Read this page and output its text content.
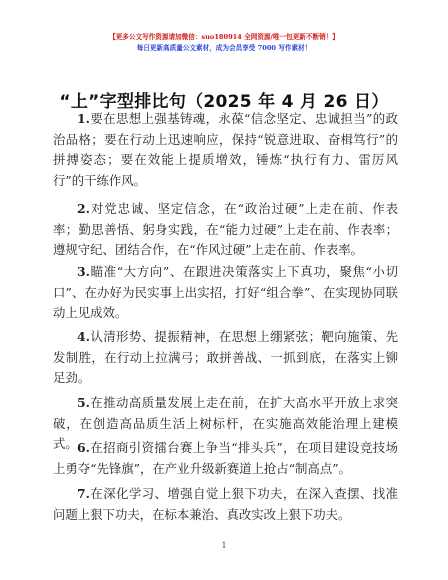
【更多公文写作资源请加微信：suo180914 全网资源/唯一包更新不断销！】
每日更新高质量公文素材，成为会员享受 7000 写作素材！
“上”字型排比句（2025 年 4 月 26 日）
1.要在思想上强基铸魂，永葆“信念坚定、忠诚担当”的政治品格；要在行动上迅速响应，保持“锐意进取、奋楫笃行”的拼搏姿态；要在效能上提质增效，锤炼“执行有力、雷厉风行”的干练作风。
2.对党忠诚、坚定信念，在“政治过硬”上走在前、作表率；勤思善悟、躬身实践，在“能力过硬”上走在前、作表率；遵规守纪、团结合作，在“作风过硬”上走在前、作表率。
3.瞄准“大方向”、在跟进决策落实上下真功，聚焦“小切口”、在办好为民实事上出实招，打好“组合拳”、在实现协同联动上见成效。
4.认清形势、提振精神，在思想上绷紧弦；靶向施策、先发制胜，在行动上拉满弓；敢拼善战、一抓到底，在落实上铆足劲。
5.在推动高质量发展上走在前，在扩大高水平开放上求突破，在创造高品质生活上树标杆，在实施高效能治理上建模式。 6.在招商引资擂台赛上争当“排头兵”，在项目建设竞技场上勇夺“先锋旗”，在产业升级新赛道上抢占“制高点”。
7.在深化学习、增强自觉上狠下功夫，在深入查摆、找准问题上狠下功夫，在标本兼治、真改实改上狠下功夫。
1
